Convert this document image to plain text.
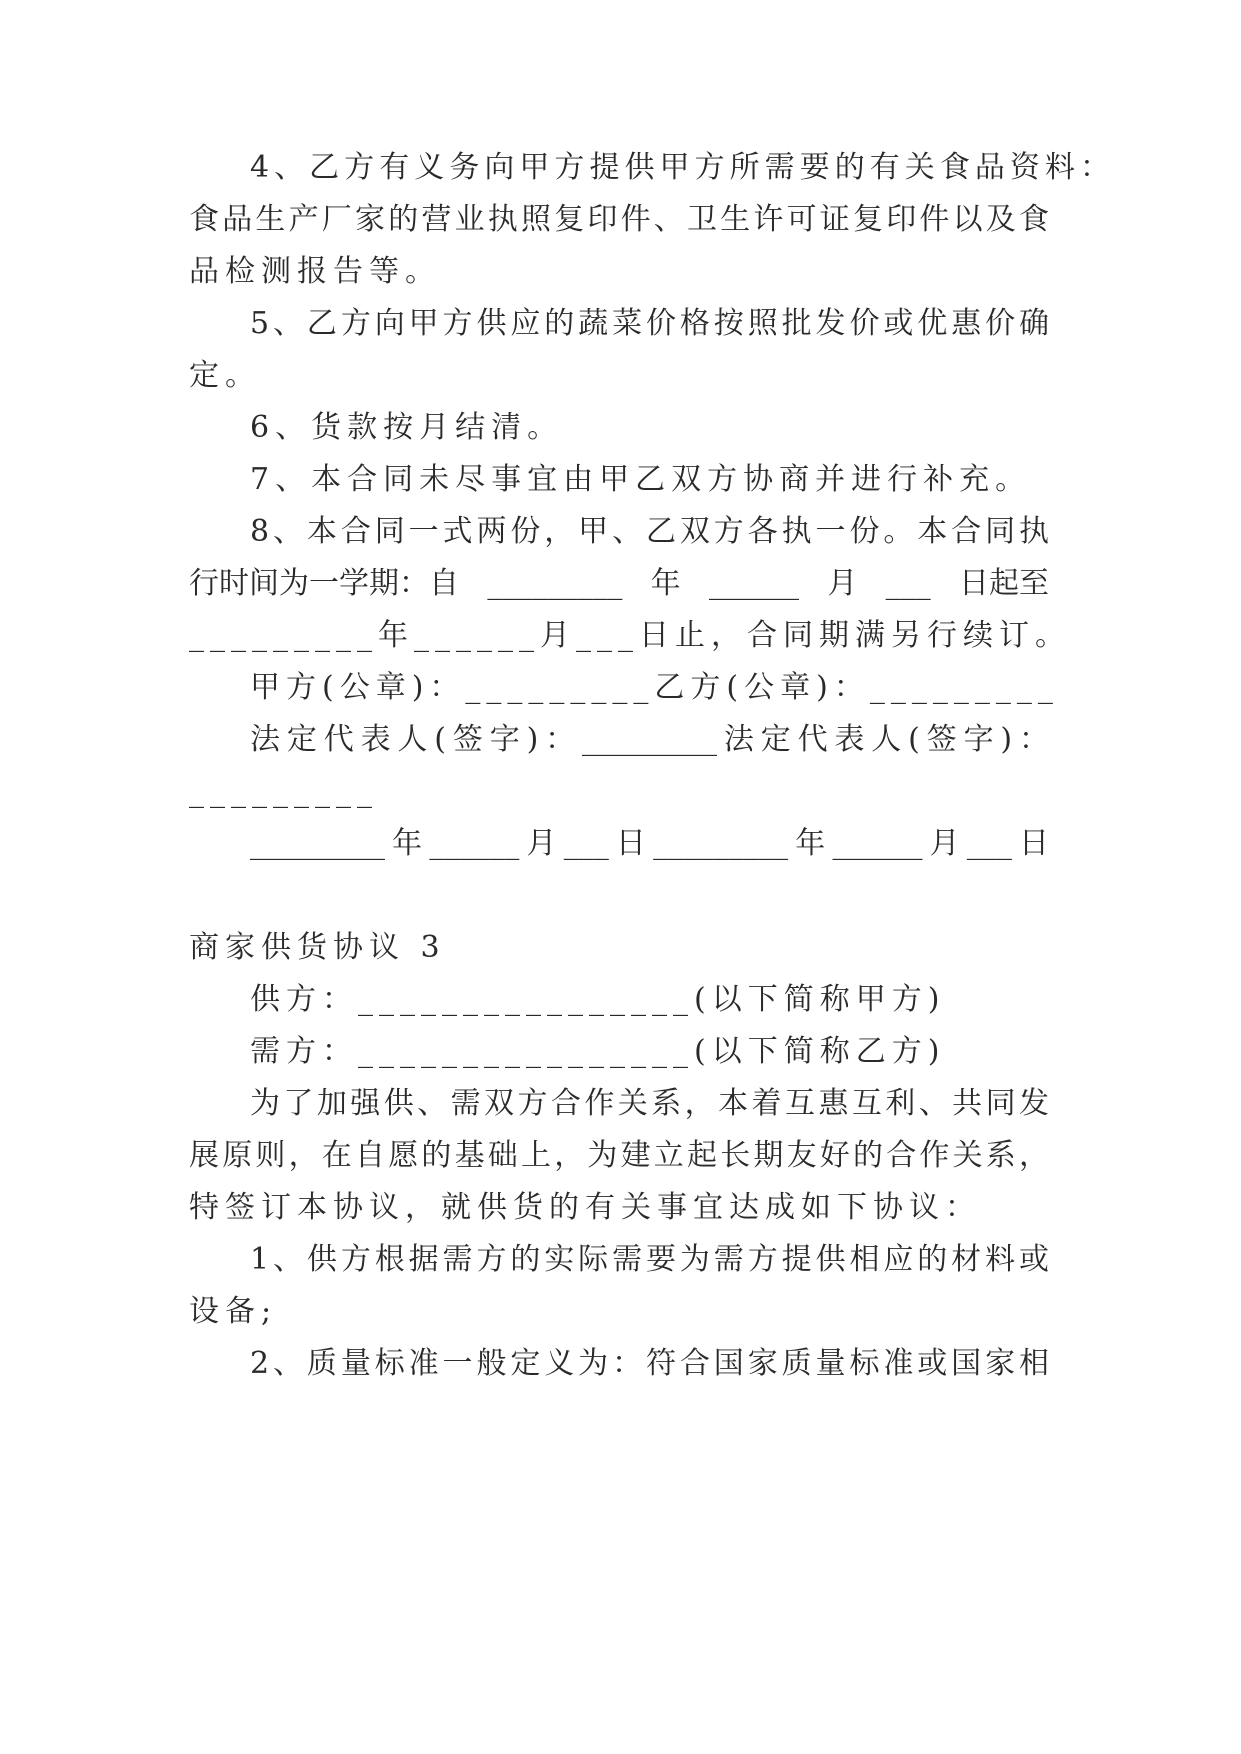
4、乙方有义务向甲方提供甲方所需要的有关食品资料：
食品生产厂家的营业执照复印件、卫生许可证复印件以及食
品检测报告等。
5、乙方向甲方供应的蔬菜价格按照批发价或优惠价确
定。
6、货款按月结清。
7、本合同未尽事宜由甲乙双方协商并进行补充。
8、本合同一式两份，甲、乙双方各执一份。本合同执
行时间为一学期：自 _________ 年 ______ 月 ___ 日起至
_________年______月___日止，合同期满另行续订。
甲方(公章)：_________乙方(公章)：_________
法定代表人(签字)：_________法定代表人(签字)：
_________
_________年______月___日_________年______月___日
商家供货协议 3
供方：________________(以下简称甲方)
需方：________________(以下简称乙方)
为了加强供、需双方合作关系，本着互惠互利、共同发
展原则，在自愿的基础上，为建立起长期友好的合作关系，
特签订本协议，就供货的有关事宜达成如下协议：
1、供方根据需方的实际需要为需方提供相应的材料或
设备;
2、质量标准一般定义为：符合国家质量标准或国家相
